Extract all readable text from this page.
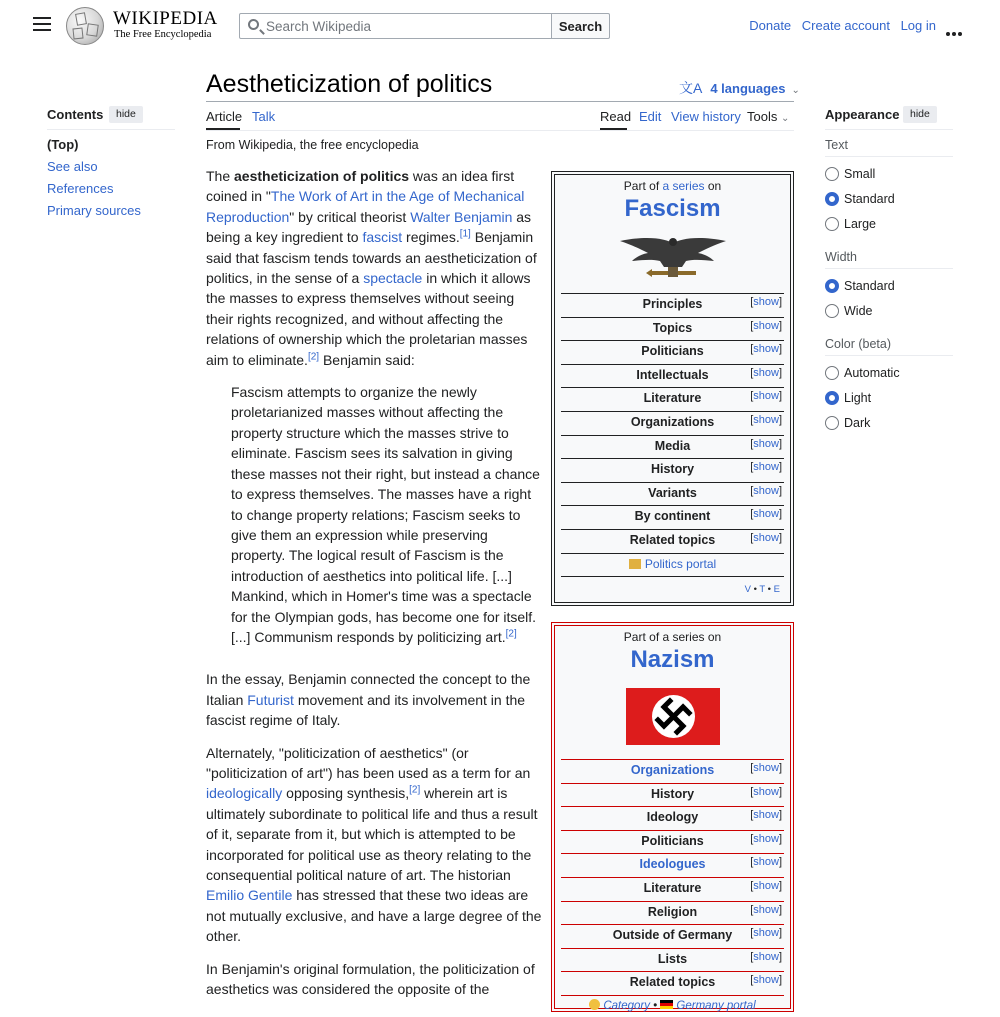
WIKIPEDIA
The Free Encyclopedia
Search Wikipedia
Search	Donate Create account Log in
Aestheticization of politics	文A 4 languages ⌄
Article Talk	Read Edit View history Tools ⌄
From Wikipedia, the free encyclopedia
Contents	hide
(Top)
See also
References
Primary sources
Appearance	hide
Text
Small
Standard
Large
Width
Standard
Wide
Color (beta)
Automatic
Light
Dark

The aestheticization of politics was an idea first coined in "The Work of Art in the Age of Mechanical Reproduction" by critical theorist Walter Benjamin as being a key ingredient to fascist regimes.[1] Benjamin said that fascism tends towards an aestheticization of politics, in the sense of a spectacle in which it allows the masses to express themselves without seeing their rights recognized, and without affecting the relations of ownership which the proletarian masses aim to eliminate.[2] Benjamin said:

Fascism attempts to organize the newly proletarianized masses without affecting the property structure which the masses strive to eliminate. Fascism sees its salvation in giving these masses not their right, but instead a chance to express themselves. The masses have a right to change property relations; Fascism seeks to give them an expression while preserving property. The logical result of Fascism is the introduction of aesthetics into political life. [...] Mankind, which in Homer's time was a spectacle for the Olympian gods, has become one for itself. [...] Communism responds by politicizing art.[2]

In the essay, Benjamin connected the concept to the Italian Futurist movement and its involvement in the fascist regime of Italy.

Alternately, "politicization of aesthetics" (or "politicization of art") has been used as a term for an ideologically opposing synthesis,[2] wherein art is ultimately subordinate to political life and thus a result of it, separate from it, but which is attempted to be incorporated for political use as theory relating to the consequential political nature of art. The historian Emilio Gentile has stressed that these two ideas are not mutually exclusive, and have a large degree of the other.

In Benjamin's original formulation, the politicization of aesthetics was considered the opposite of the

Part of a series on
Fascism
Principles	[show]
Topics	[show]
Politicians	[show]
Intellectuals	[show]
Literature	[show]
Organizations	[show]
Media	[show]
History	[show]
Variants	[show]
By continent	[show]
Related topics	[show]
Politics portal
V • T • E
Part of a series on
Nazism
Organizations	[show]
History	[show]
Ideology	[show]
Politicians	[show]
Ideologues	[show]
Literature	[show]
Religion	[show]
Outside of Germany [show]
Lists	[show]
Related topics	[show]
Category • Germany portal
